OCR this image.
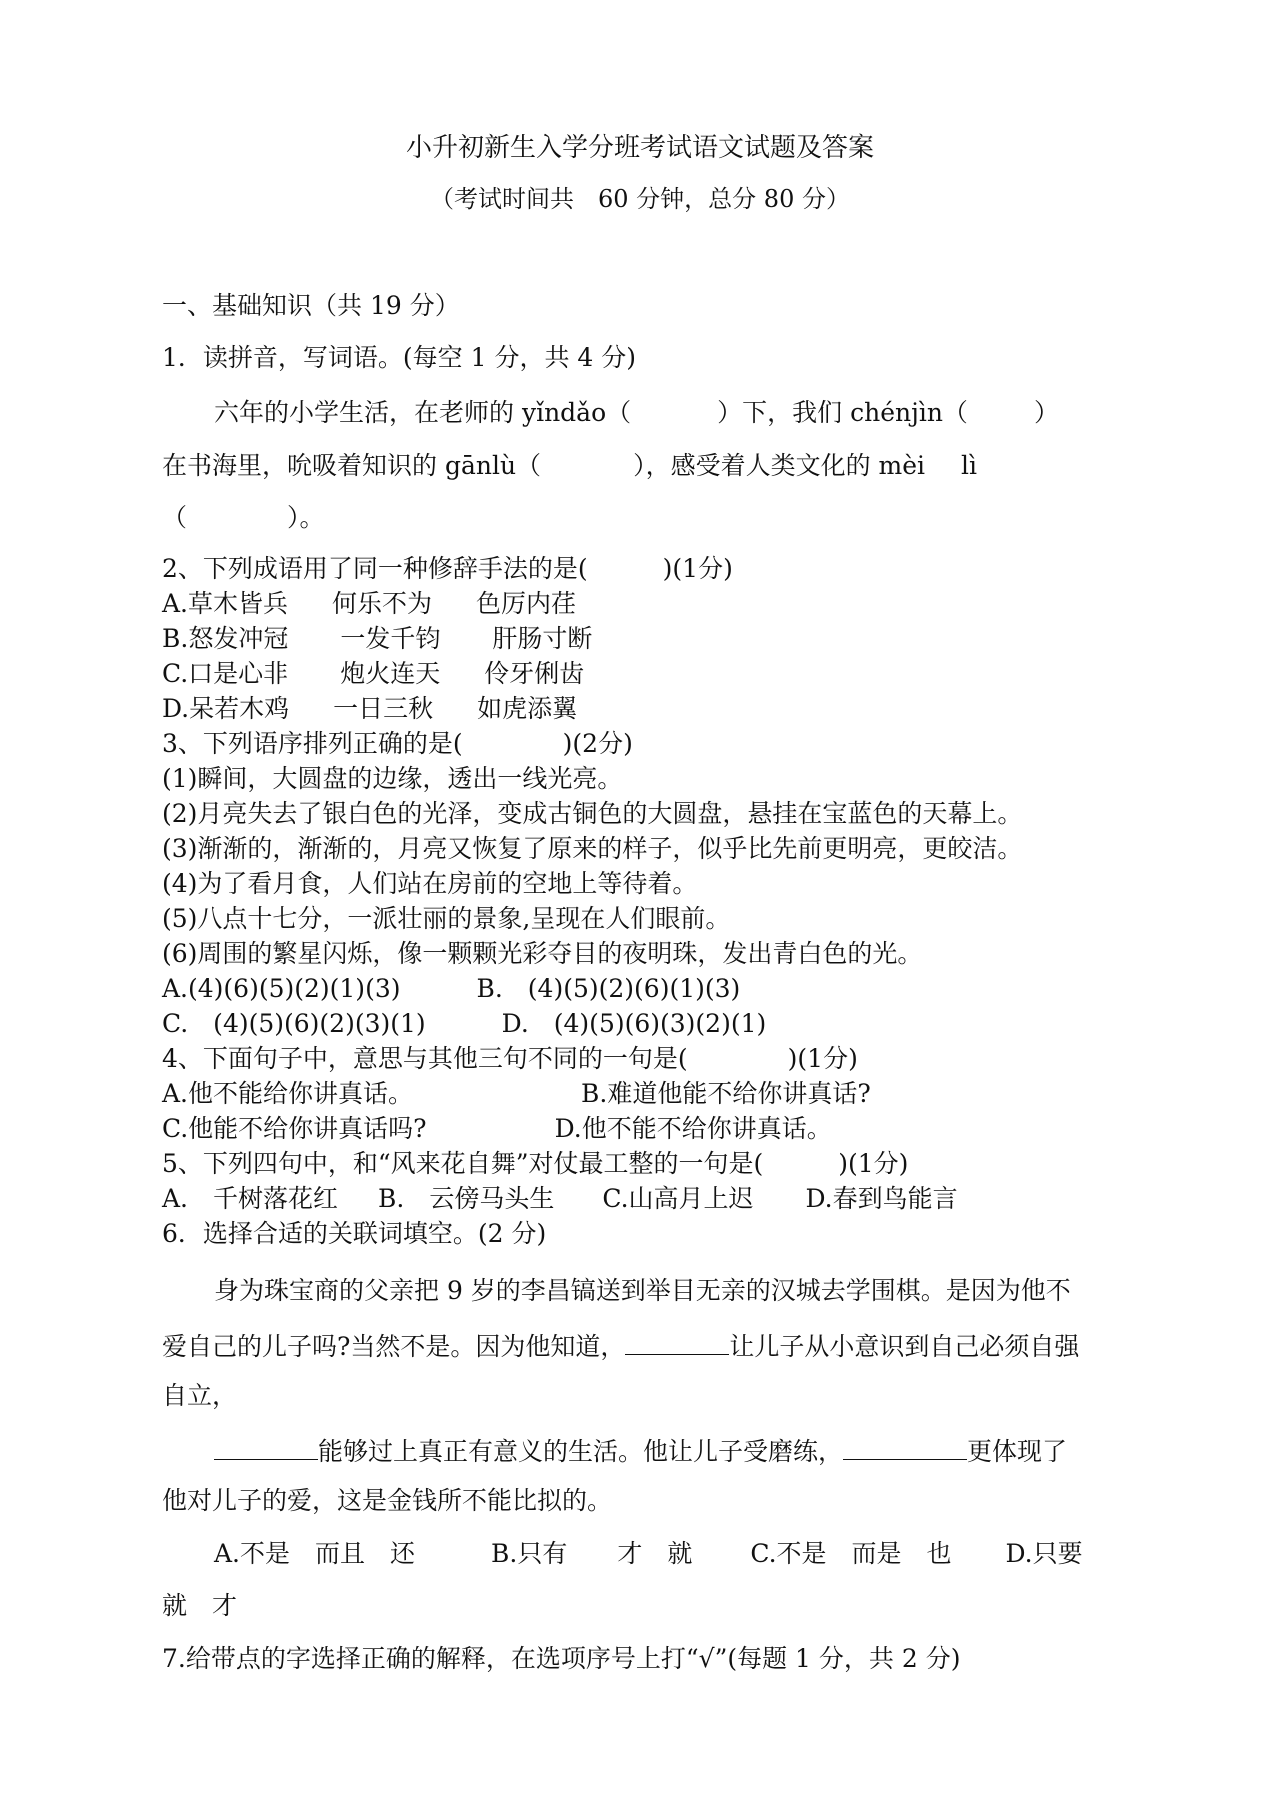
小升初新生入学分班考试语文试题及答案

（考试时间共　60 分钟，总分 80 分）

一、基础知识（共 19 分）

1．读拼音，写词语。(每空 1 分，共 4 分)

六年的小学生活，在老师的 yǐndǎo（	）下，我们 chénjìn（	）

在书海里，吮吸着知识的 gānlù（	），感受着人类文化的 mèi lì

（　　　　）。

2、下列成语用了同一种修辞手法的是(　　　)(1分)

A.草木皆兵 何乐不为 色厉内荏

B.怒发冲冠 一发千钧 肝肠寸断

C.口是心非 炮火连天 伶牙俐齿

D.呆若木鸡 一日三秋 如虎添翼

3、下列语序排列正确的是(　　　　)(2分)

(1)瞬间，大圆盘的边缘，透出一线光亮。

(2)月亮失去了银白色的光泽，变成古铜色的大圆盘，悬挂在宝蓝色的天幕上。

(3)渐渐的，渐渐的，月亮又恢复了原来的样子，似乎比先前更明亮，更皎洁。

(4)为了看月食，人们站在房前的空地上等待着。

(5)八点十七分，一派壮丽的景象,呈现在人们眼前。

(6)周围的繁星闪烁，像一颗颗光彩夺目的夜明珠，发出青白色的光。

A.(4)(6)(5)(2)(1)(3)	B.　(4)(5)(2)(6)(1)(3)

C.　(4)(5)(6)(2)(3)(1)	D.　(4)(5)(6)(3)(2)(1)

4、下面句子中，意思与其他三句不同的一句是(　　　　)(1分)

A.他不能给你讲真话。	B.难道他能不给你讲真话?

C.他能不给你讲真话吗?	D.他不能不给你讲真话。

5、下列四句中，和“风来花自舞”对仗最工整的一句是(　　　)(1分)

A.　千树落花红 B.　云傍马头生 C.山高月上迟 D.春到鸟能言

6．选择合适的关联词填空。(2 分)

身为珠宝商的父亲把 9 岁的李昌镐送到举目无亲的汉城去学围棋。是因为他不

爱自己的儿子吗?当然不是。因为他知道，	让儿子从小意识到自己必须自强

自立，

能够过上真正有意义的生活。他让儿子受磨练，	更体现了

他对儿子的爱，这是金钱所不能比拟的。

A.不是　而且　还	B.只有　　才　就 C.不是　而是　也 D.只要

就　才

7.给带点的字选择正确的解释，在选项序号上打“√”(每题 1 分，共 2 分)
